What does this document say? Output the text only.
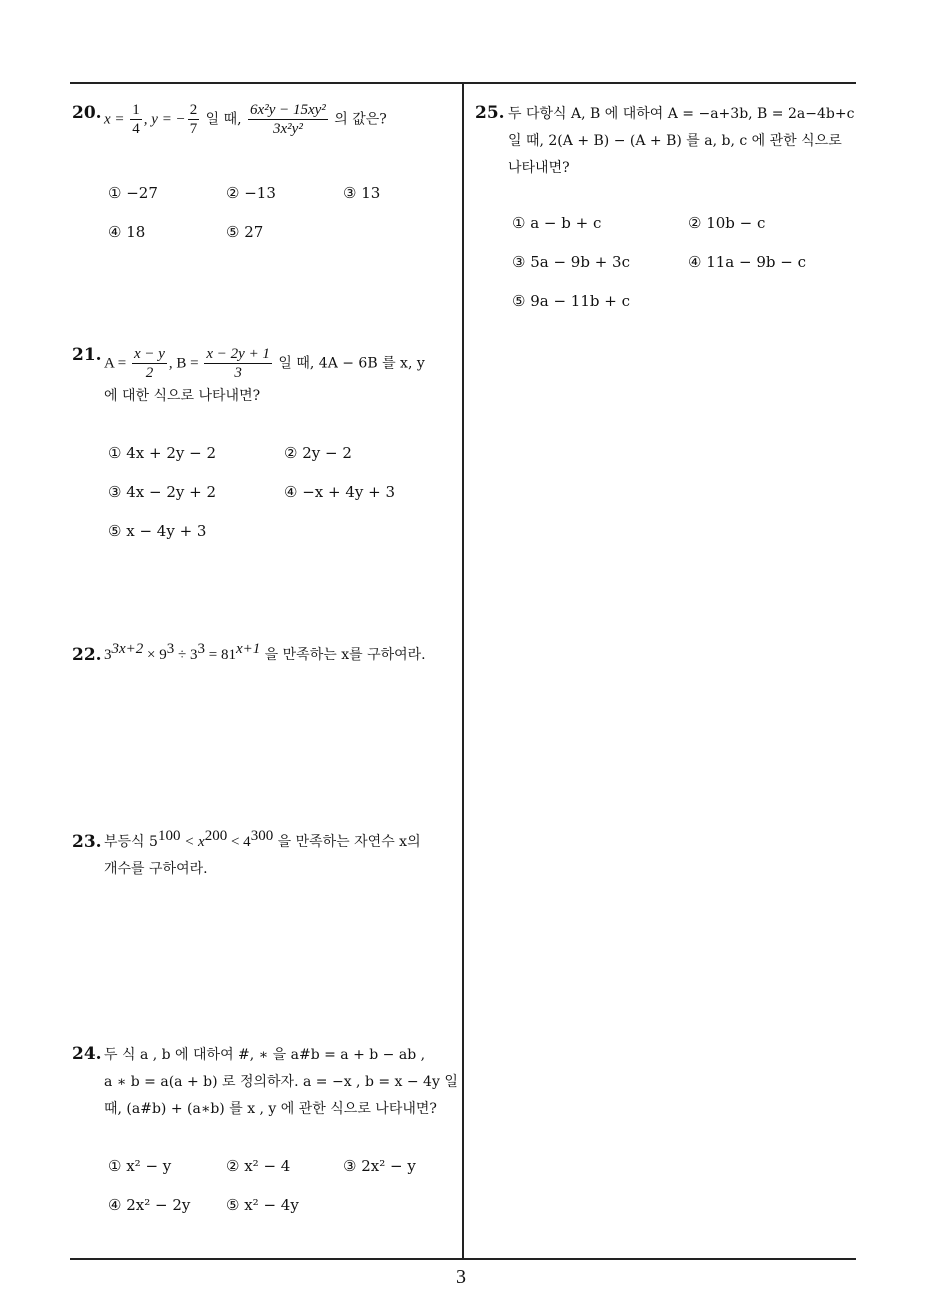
20. $x = \frac{1}{4}$ , y = − $\frac{2}{7}$ 일 때, $\frac{\text{6x²y − 15xy²}}{\text{3x²y²}}$ 의 값은?
① −27	② −13	③ 13
④ 18	⑤ 27
21. $A = \frac{x - y}{2}$ , $B = \frac{x - 2y + 1}{3}$ 일 때, 4A − 6B 를 x, y
에 대한 식으로 나타내면?
① 4x + 2y − 2	② 2y − 2
③ 4x − 2y + 2	④ −x + 4y + 3
⑤ x − 4y + 3
22. $3^{3x+2} \times 9^3 \div 3^3 = 81^{x+1}$ 을 만족하는 x를 구하여라.
23. 부등식 $5^{100} < x^{200} < 4^{300}$ 을 만족하는 자연수 x의
개수를 구하여라.
24. 두 식 a , b 에 대하여 #, ∗ 을 a#b = a + b − ab ,
a ∗ b = a(a + b) 로 정의하자. a = −x , b = x − 4y 일
때, (a#b) + (a∗b) 를 x , y 에 관한 식으로 나타내면?
① x² − y	② x² − 4	③ 2x² − y
④ 2x² − 2y ⑤ x² − 4y
25. 두 다항식 A, B 에 대하여 A = −a+3b, B = 2a−4b+c
일 때, 2(A + B) − (A + B) 를 a, b, c 에 관한 식으로
나타내면?
① a − b + c	② 10b − c
③ 5a − 9b + 3c	④ 11a − 9b − c
⑤ 9a − 11b + c
3
